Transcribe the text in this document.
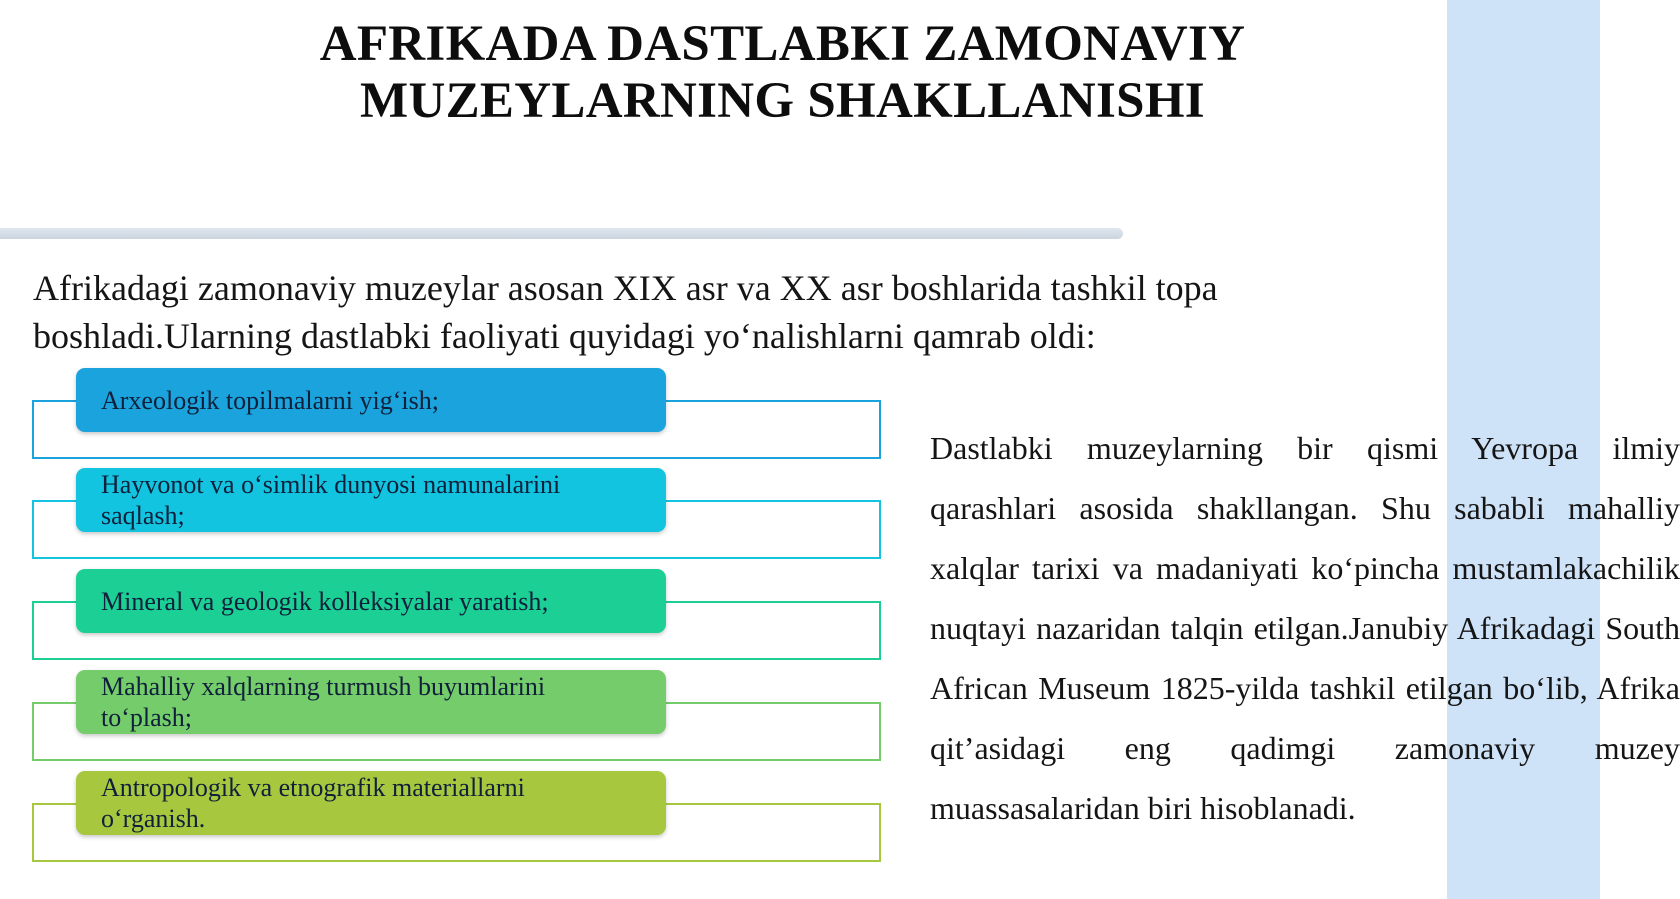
AFRIKADA DASTLABKI ZAMONAVIY
MUZEYLARNING SHAKLLANISHI

Afrikadagi zamonaviy muzeylar asosan XIX asr va XX asr boshlarida tashkil topa boshladi.Ularning dastlabki faoliyati quyidagi yo‘nalishlarni qamrab oldi:

Arxeologik topilmalarni yig‘ish;
Hayvonot va o‘simlik dunyosi namunalarini saqlash;
Mineral va geologik kolleksiyalar yaratish;
Mahalliy xalqlarning turmush buyumlarini to‘plash;
Antropologik va etnografik materiallarni o‘rganish.

Dastlabki muzeylarning bir qismi Yevropa ilmiy qarashlari asosida shakllangan. Shu sababli mahalliy xalqlar tarixi va madaniyati ko‘pincha mustamlakachilik nuqtayi nazaridan talqin etilgan.Janubiy Afrikadagi South African Museum 1825-yilda tashkil etilgan bo‘lib, Afrika qit’asidagi eng qadimgi zamonaviy muzey muassasalaridan biri hisoblanadi.
